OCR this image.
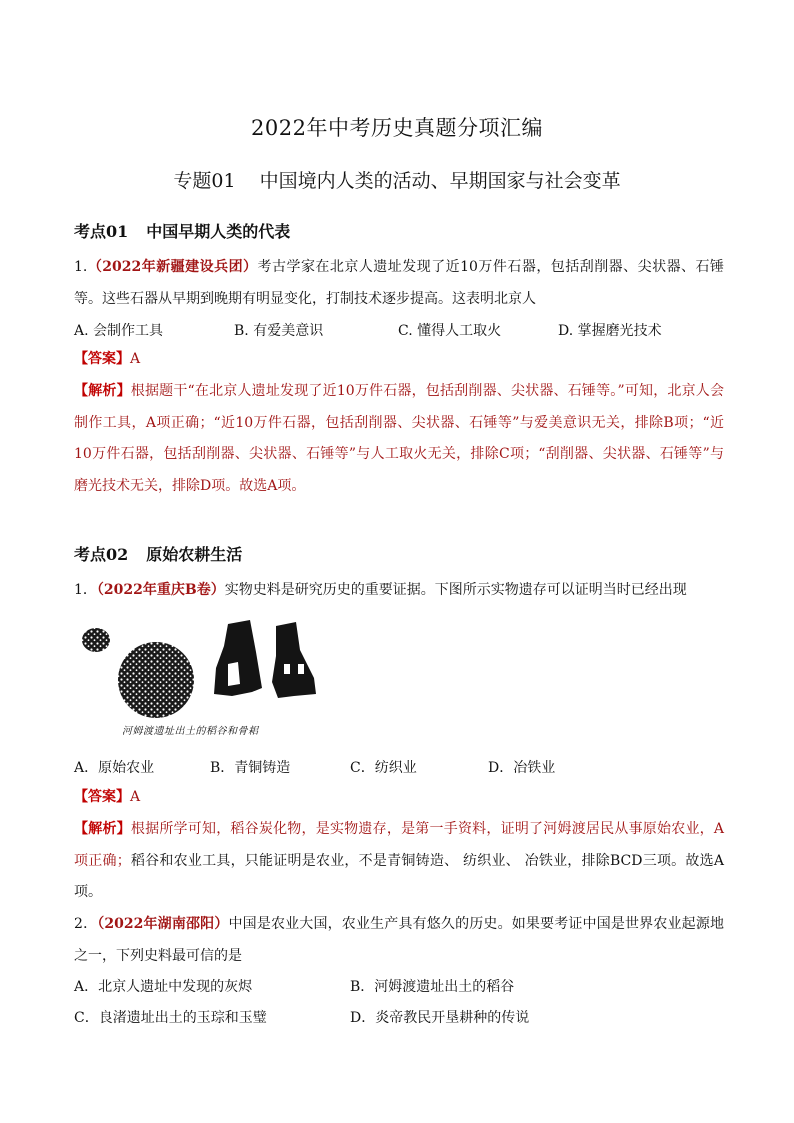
2022年中考历史真题分项汇编
专题01 中国境内人类的活动、早期国家与社会变革
考点01 中国早期人类的代表
1.（2022年新疆建设兵团）考古学家在北京人遗址发现了近10万件石器，包括刮削器、尖状器、石锤等。这些石器从早期到晚期有明显变化，打制技术逐步提高。这表明北京人
A. 会制作工具	B. 有爱美意识	C. 懂得人工取火	D. 掌握磨光技术
【答案】A
【解析】根据题干“在北京人遗址发现了近10万件石器，包括刮削器、尖状器、石锤等。”可知，北京人会制作工具，A项正确；“近10万件石器，包括刮削器、尖状器、石锤等”与爱美意识无关，排除B项；“近10万件石器，包括刮削器、尖状器、石锤等”与人工取火无关，排除C项；“刮削器、尖状器、石锤等”与磨光技术无关，排除D项。故选A项。
考点02 原始农耕生活
1．（2022年重庆B卷）实物史料是研究历史的重要证据。下图所示实物遗存可以证明当时已经出现
河姆渡遗址出土的稻谷和骨耜
A．原始农业	B．青铜铸造	C．纺织业	D．冶铁业
【答案】A
【解析】根据所学可知，稻谷炭化物，是实物遗存，是第一手资料，证明了河姆渡居民从事原始农业，A项正确；稻谷和农业工具，只能证明是农业，不是青铜铸造、 纺织业、 冶铁业，排除BCD三项。故选A项。
2．（2022年湖南邵阳）中国是农业大国，农业生产具有悠久的历史。如果要考证中国是世界农业起源地之一，下列史料最可信的是
A．北京人遗址中发现的灰烬	B．河姆渡遗址出土的稻谷
C．良渚遗址出土的玉琮和玉璧	D．炎帝教民开垦耕种的传说
